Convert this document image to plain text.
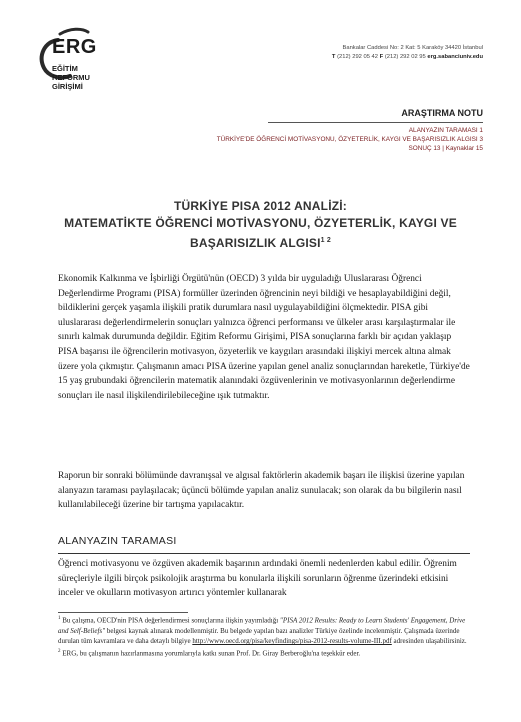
ERG
EĞİTİM
REFORMU
GİRİŞİMİ
Bankalar Caddesi No: 2 Kat: 5 Karaköy 34420 İstanbul
T (212) 292 05 42 F (212) 292 02 95 erg.sabanciuniv.edu
ARAŞTIRMA NOTU
ALANYAZIN TARAMASI 1
TÜRKİYE'DE ÖĞRENCİ MOTİVASYONU, ÖZYETERLİK, KAYGI VE BAŞARISIZLIK ALGISI 3
SONUÇ 13 | Kaynaklar 15
TÜRKİYE PISA 2012 ANALİZİ:
MATEMATİKTE ÖĞRENCİ MOTİVASYONU, ÖZYETERLİK, KAYGI VE
BAŞARISIZLIK $ALGISI^{1 2}$
Ekonomik Kalkınma ve İşbirliği Örgütü'nün (OECD) 3 yılda bir uyguladığı Uluslararası Öğrenci Değerlendirme Programı (PISA) formüller üzerinden öğrencinin neyi bildiği ve hesaplayabildiğini değil, bildiklerini gerçek yaşamla ilişkili pratik durumlara nasıl uygulayabildiğini ölçmektedir. PISA gibi uluslararası değerlendirmelerin sonuçları yalnızca öğrenci performansı ve ülkeler arası karşılaştırmalar ile sınırlı kalmak durumunda değildir. Eğitim Reformu Girişimi, PISA sonuçlarına farklı bir açıdan yaklaşıp PISA başarısı ile öğrencilerin motivasyon, özyeterlik ve kaygıları arasındaki ilişkiyi mercek altına almak üzere yola çıkmıştır. Çalışmanın amacı PISA üzerine yapılan genel analiz sonuçlarından hareketle, Türkiye'de 15 yaş grubundaki öğrencilerin matematik alanındaki özgüvenlerinin ve motivasyonlarının değerlendirme sonuçları ile nasıl ilişkilendirilebileceğine ışık tutmaktır.
Raporun bir sonraki bölümünde davranışsal ve algısal faktörlerin akademik başarı ile ilişkisi üzerine yapılan alanyazın taraması paylaşılacak; üçüncü bölümde yapılan analiz sunulacak; son olarak da bu bilgilerin nasıl kullanılabileceği üzerine bir tartışma yapılacaktır.
ALANYAZIN TARAMASI
Öğrenci motivasyonu ve özgüven akademik başarının ardındaki önemli nedenlerden kabul edilir. Öğrenim süreçleriyle ilgili birçok psikolojik araştırma bu konularla ilişkili sorunların öğrenme üzerindeki etkisini inceler ve okulların motivasyon artırıcı yöntemler kullanarak
$^1$ Bu çalışma, OECD'nin PISA değerlendirmesi sonuçlarına ilişkin yayımladığı "PISA 2012 Results: Ready to Learn Students' Engagement, Drive and Self-Beliefs" belgesi kaynak alınarak modellenmiştir. Bu belgede yapılan bazı analizler Türkiye özelinde incelenmiştir. Çalışmada üzerinde durulan tüm kavramlara ve daha detaylı bilgiye http://www.oecd.org/pisa/keyfindings/pisa-2012-results-volume-III.pdf adresinden ulaşabilirsiniz.
$^2$ ERG, bu çalışmanın hazırlanmasına yorumlarıyla katkı sunan Prof. Dr. Giray Berberoğlu'na teşekkür eder.
